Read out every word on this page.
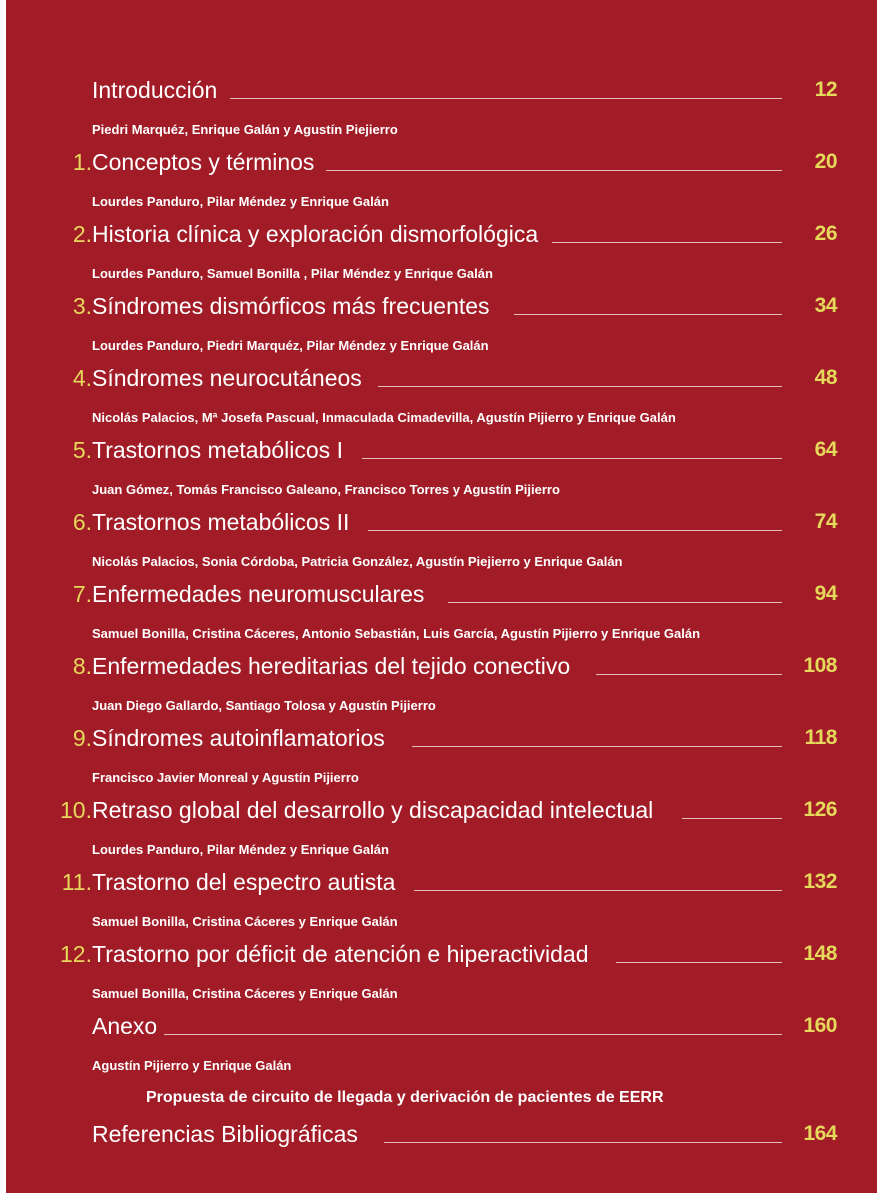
Introducción	12
Piedri Marquéz, Enrique Galán y Agustín Piejierro
1. Conceptos y términos	20
Lourdes Panduro, Pilar Méndez y Enrique Galán
2. Historia clínica y exploración dismorfológica	26
Lourdes Panduro, Samuel Bonilla , Pilar Méndez y Enrique Galán
3. Síndromes dismórficos más frecuentes	34
Lourdes Panduro, Piedri Marquéz, Pilar Méndez y Enrique Galán
4. Síndromes neurocutáneos	48
Nicolás Palacios, Mª Josefa Pascual, Inmaculada Cimadevilla, Agustín Pijierro y Enrique Galán
5. Trastornos metabólicos I	64
Juan Gómez, Tomás Francisco Galeano, Francisco Torres y Agustín Pijierro
6. Trastornos metabólicos II	74
Nicolás Palacios, Sonia Córdoba, Patricia González, Agustín Piejierro y Enrique Galán
7. Enfermedades neuromusculares	94
Samuel Bonilla, Cristina Cáceres, Antonio Sebastián, Luis García, Agustín Pijierro y Enrique Galán
8. Enfermedades hereditarias del tejido conectivo	108
Juan Diego Gallardo, Santiago Tolosa y Agustín Pijierro
9. Síndromes autoinflamatorios	118
Francisco Javier Monreal y Agustín Pijierro
10. Retraso global del desarrollo y discapacidad intelectual	126
Lourdes Panduro, Pilar Méndez y Enrique Galán
11. Trastorno del espectro autista	132
Samuel Bonilla, Cristina Cáceres y Enrique Galán
12. Trastorno por déficit de atención e hiperactividad	148
Samuel Bonilla, Cristina Cáceres y Enrique Galán
Anexo	160
Agustín Pijierro y Enrique Galán
Propuesta de circuito de llegada y derivación de pacientes de EERR
Referencias Bibliográficas	164
